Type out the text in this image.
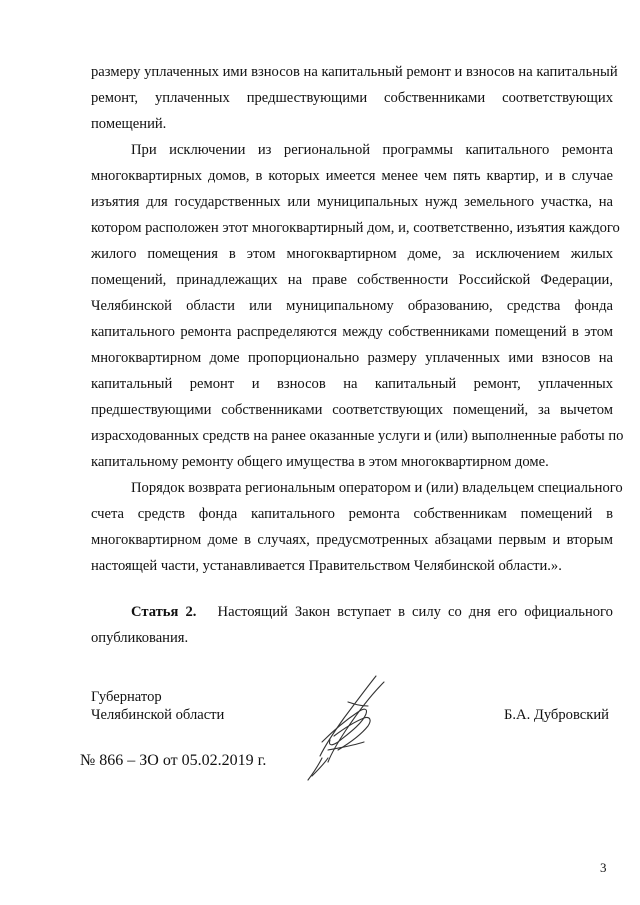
размеру уплаченных ими взносов на капитальный ремонт и взносов на капитальный
ремонт, уплаченных предшествующими собственниками соответствующих
помещений.
При исключении из региональной программы капитального ремонта
многоквартирных домов, в которых имеется менее чем пять квартир, и в случае
изъятия для государственных или муниципальных нужд земельного участка, на
котором расположен этот многоквартирный дом, и, соответственно, изъятия каждого
жилого помещения в этом многоквартирном доме, за исключением жилых
помещений, принадлежащих на праве собственности Российской Федерации,
Челябинской области или муниципальному образованию, средства фонда
капитального ремонта распределяются между собственниками помещений в этом
многоквартирном доме пропорционально размеру уплаченных ими взносов на
капитальный ремонт и взносов на капитальный ремонт, уплаченных
предшествующими собственниками соответствующих помещений, за вычетом
израсходованных средств на ранее оказанные услуги и (или) выполненные работы по
капитальному ремонту общего имущества в этом многоквартирном доме.
Порядок возврата региональным оператором и (или) владельцем специального
счета средств фонда капитального ремонта собственникам помещений в
многоквартирном доме в случаях, предусмотренных абзацами первым и вторым
настоящей части, устанавливается Правительством Челябинской области.».
Статья 2. Настоящий Закон вступает в силу со дня его официального
опубликования.
Губернатор
Челябинской области	Б.А. Дубровский
№ 866 – ЗО от 05.02.2019 г.
3
